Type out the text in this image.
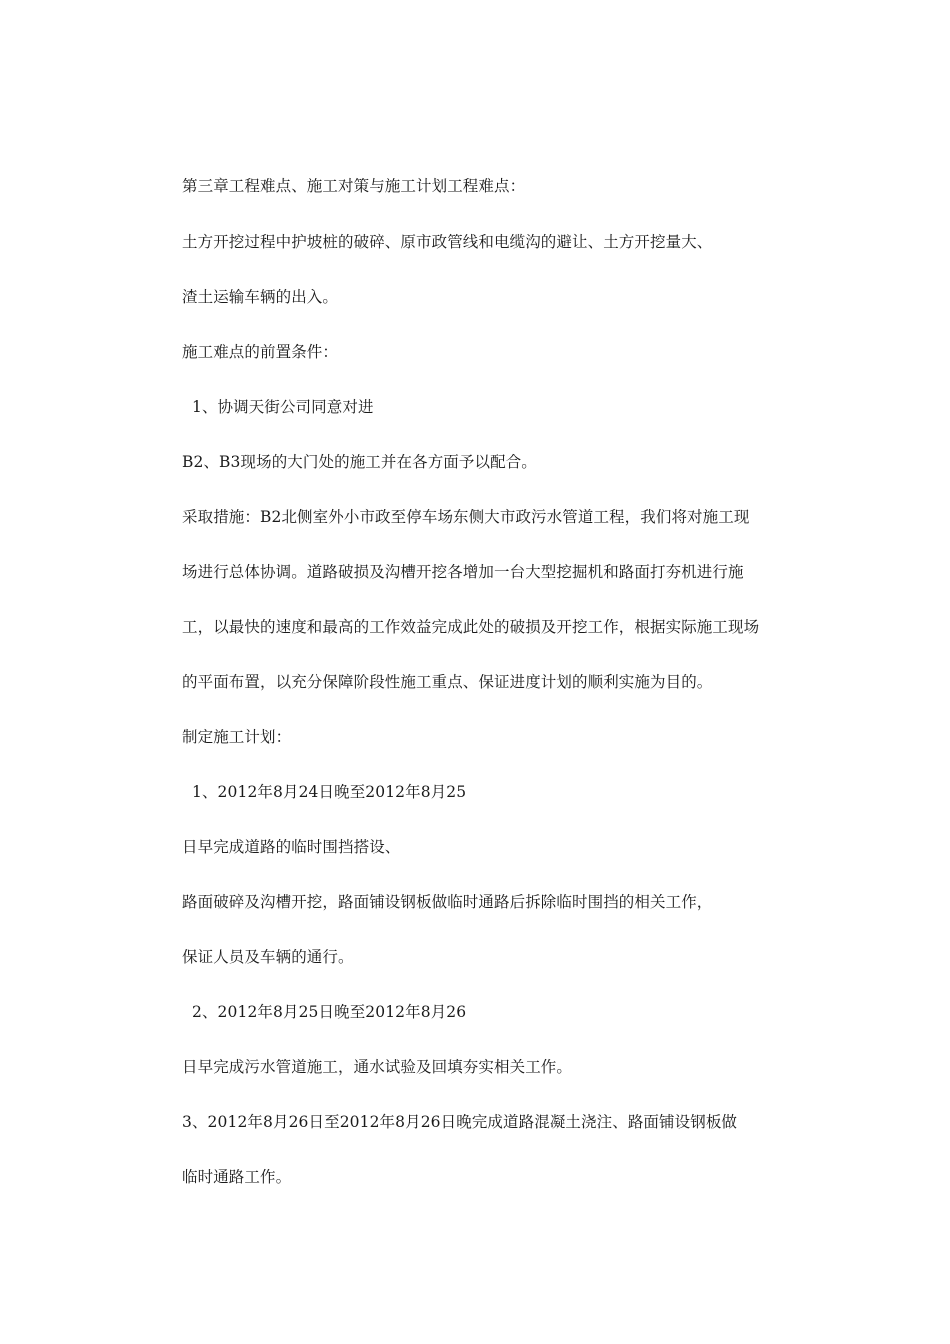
第三章工程难点、施工对策与施工计划工程难点：
土方开挖过程中护坡桩的破碎、原市政管线和电缆沟的避让、土方开挖量大、
渣土运输车辆的出入。
施工难点的前置条件：
1、协调天街公司同意对进
B2、B3现场的大门处的施工并在各方面予以配合。
采取措施：B2北侧室外小市政至停车场东侧大市政污水管道工程，我们将对施工现
场进行总体协调。道路破损及沟槽开挖各增加一台大型挖掘机和路面打夯机进行施
工，以最快的速度和最高的工作效益完成此处的破损及开挖工作，根据实际施工现场
的平面布置，以充分保障阶段性施工重点、保证进度计划的顺利实施为目的。
制定施工计划：
1、2012年8月24日晚至2012年8月25
日早完成道路的临时围挡搭设、
路面破碎及沟槽开挖，路面铺设钢板做临时通路后拆除临时围挡的相关工作，
保证人员及车辆的通行。
2、2012年8月25日晚至2012年8月26
日早完成污水管道施工，通水试验及回填夯实相关工作。
3、2012年8月26日至2012年8月26日晚完成道路混凝土浇注、路面铺设钢板做
临时通路工作。
